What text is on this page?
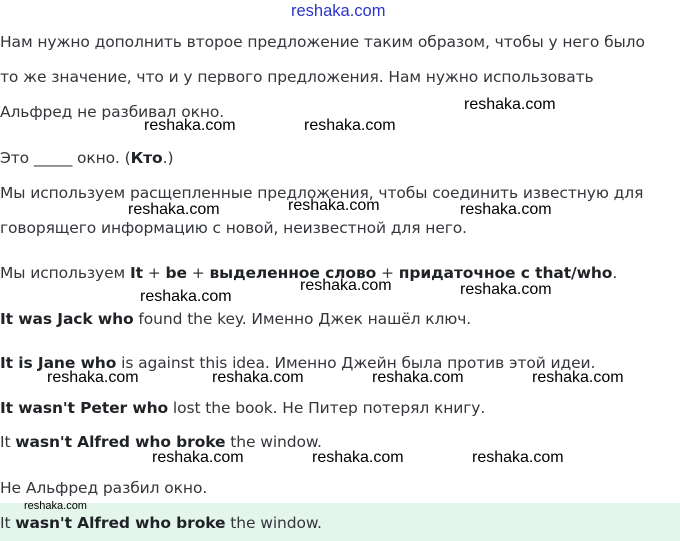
reshaka.com
Нам нужно дополнить второе предложение таким образом, чтобы у него было
то же значение, что и у первого предложения. Нам нужно использовать
Альфред не разбивал окно.
Это _____ окно. (Кто.)
Мы используем расщепленные предложения, чтобы соединить известную для
говорящего информацию с новой, неизвестной для него.
Мы используем It + be + выделенное слово + придаточное с that/who.
It was Jack who found the key. Именно Джек нашёл ключ.
It is Jane who is against this idea. Именно Джейн была против этой идеи.
It wasn't Peter who lost the book. Не Питер потерял книгу.
It wasn't Alfred who broke the window.
Не Альфред разбил окно.
It wasn't Alfred who broke the window.
reshaka.com
reshaka.com	reshaka.com
reshaka.com
reshaka.com	reshaka.com
reshaka.com	reshaka.com
reshaka.com
reshaka.com	reshaka.com	reshaka.com	reshaka.com
reshaka.com	reshaka.com	reshaka.com
reshaka.com
